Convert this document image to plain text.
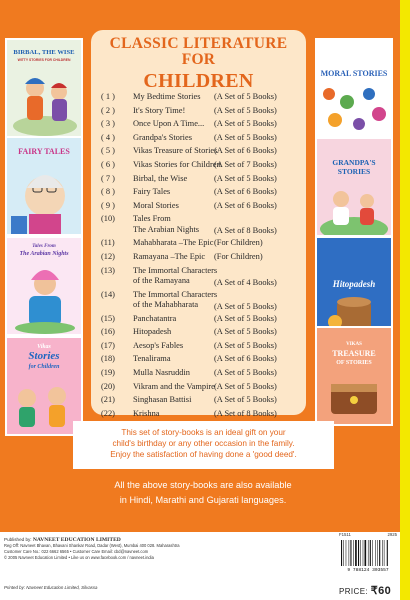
BIRBAL, THE WISE
WITTY STORIES FOR CHILDREN
FAIRY TALES
Tales From
The Arabian Nights
Vikas
Stories
for Children
MORAL STORIES
GRANDPA'S
STORIES
Hitopadesh
VIKAS
TREASURE
OF STORIES
CLASSIC LITERATURE FOR
CHILDREN
( 1 ) My Bedtime Stories (A Set of 5 Books)
( 2 ) It's Story Time!	(A Set of 5 Books)
( 3 ) Once Upon A Time... (A Set of 5 Books)
( 4 ) Grandpa's Stories	(A Set of 5 Books)
( 5 ) Vikas Treasure of Stories
(A Set of 6 Books)
( 6 ) Vikas Stories for Children
(A Set of 7 Books)
( 7 ) Birbal, the Wise	(A Set of 5 Books)
( 8 ) Fairy Tales	(A Set of 6 Books)
( 9 ) Moral Stories	(A Set of 6 Books)
(10) Tales From
The Arabian Nights (A Set of 8 Books)
(11) Mahabharata –The Epic (For Children)
(12) Ramayana –The Epic (For Children)
(13) The Immortal Characters
of the Ramayana	(A Set of 4 Books)
(14) The Immortal Characters
of the Mahabharata	(A Set of 5 Books)
(15) Panchatantra	(A Set of 5 Books)
(16) Hitopadesh	(A Set of 5 Books)
(17) Aesop's Fables	(A Set of 5 Books)
(18) Tenalirama	(A Set of 6 Books)
(19) Mulla Nasruddin	(A Set of 5 Books)
(20) Vikram and the Vampire (A Set of 5 Books)
(21) Singhasan Battisi	(A Set of 5 Books)
(22) Krishna	(A Set of 8 Books)
This set of story-books is an ideal gift on your
child's birthday or any other occasion in the family.
Enjoy the satisfaction of having done a 'good deed'.
All the above story-books are also available
in Hindi, Marathi and Gujarati languages.
Published by: NAVNEET EDUCATION LIMITED
Reg Off: Navneet Bhavan, Bhavani Shankar Road, Dadar (West), Mumbai 400 028. Maharashtra
Customer Care No.: 022 6662 6565 • Customer Care Email: cbd@navneet.com
© 2005 Navneet Education Limited • Like us on www.facebook.com / navneet.india
Printed by: Navneet Education Limited, Silvassa
F1511	2925
9 788124 303557
PRICE: ₹60
